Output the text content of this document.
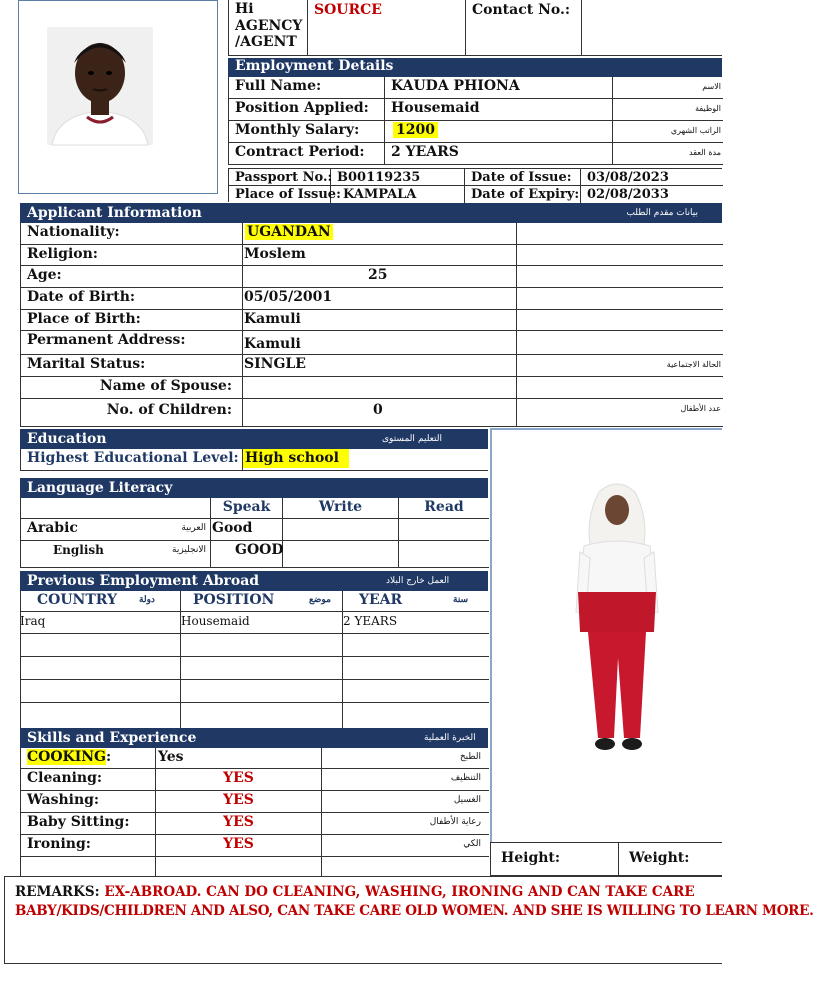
Hi AGENCY /AGENT
SOURCE	Contact No.:
Employment Details
Full Name:	KAUDA PHIONA	الاسم
Position Applied:	Housemaid	الوظيفة
Monthly Salary:	1200	الراتب الشهري
Contract Period:	2 YEARS	مدة العقد
Passport No.: B00119235	Date of Issue:	03/08/2023
Place of Issue: KAMPALA	Date of Expiry: 02/08/2033
Applicant Information	بيانات مقدم الطلب
Nationality:	UGANDAN
Religion:	Moslem
Age:	25
Date of Birth:	05/05/2001
Place of Birth:	Kamuli
Permanent Address:	Kamuli
Marital Status:	SINGLE	الحالة الاجتماعية
Name of Spouse:
No. of Children:	0	عدد الأطفال
Education	المستوى التعليم
Highest Educational Level: High school
Language Literacy
Speak	Write	Read
Arabic	العربية Good
English	الانجليزية	GOOD
Previous Employment Abroad	العمل خارج البلاد
COUNTRY دولة	POSITION	موضع	YEAR	سنة
Iraq	Housemaid	2 YEARS
Skills and Experience	الخبرة العملية
COOKING:	Yes	الطبخ
Cleaning:	YES	التنظيف
Washing:	YES	الغسيل
Baby Sitting:	YES	رعاية الأطفال
Ironing:	YES	الكي
Height:	Weight:
REMARKS: EX-ABROAD. CAN DO CLEANING, WASHING, IRONING AND CAN TAKE CARE
BABY/KIDS/CHILDREN AND ALSO, CAN TAKE CARE OLD WOMEN. AND SHE IS WILLING TO LEARN MORE.
